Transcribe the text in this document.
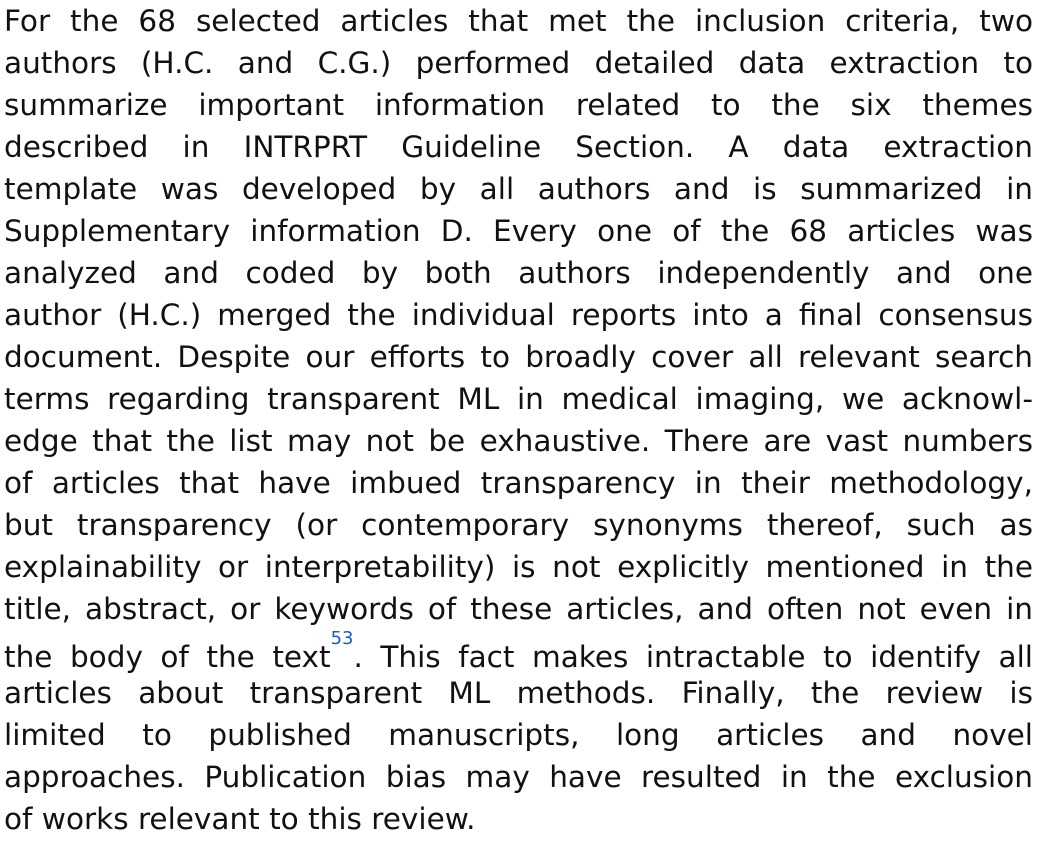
For the 68 selected articles that met the inclusion criteria, two
authors (H.C. and C.G.) performed detailed data extraction to
summarize important information related to the six themes
described in INTRPRT Guideline Section. A data extraction
template was developed by all authors and is summarized in
Supplementary information D. Every one of the 68 articles was
analyzed and coded by both authors independently and one
author (H.C.) merged the individual reports into a final consensus
document. Despite our efforts to broadly cover all relevant search
terms regarding transparent ML in medical imaging, we acknowl-
edge that the list may not be exhaustive. There are vast numbers
of articles that have imbued transparency in their methodology,
but transparency (or contemporary synonyms thereof, such as
explainability or interpretability) is not explicitly mentioned in the
title, abstract, or keywords of these articles, and often not even in
the body of the text$^{53}$. This fact makes intractable to identify all
articles about transparent ML methods. Finally, the review is
limited to published manuscripts, long articles and novel
approaches. Publication bias may have resulted in the exclusion
of works relevant to this review.
